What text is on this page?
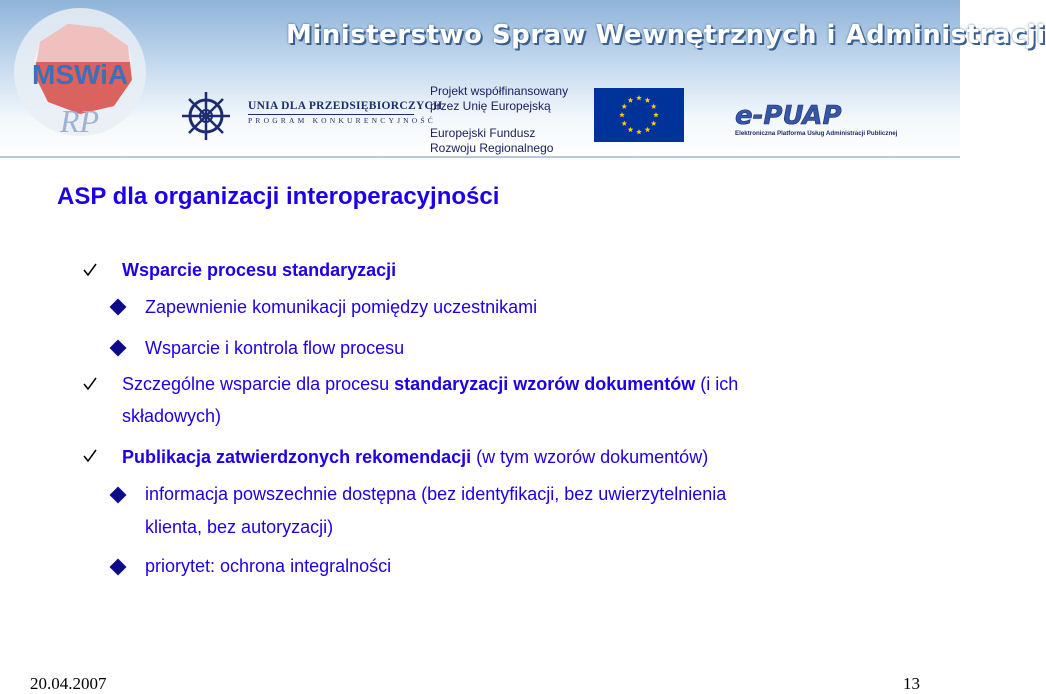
MSWiA
RP
Ministerstwo Spraw Wewnętrznych i Administracji
UNIA DLA PRZEDSIĘBIORCZYCH
PROGRAM KONKURENCYJNOŚĆ
Projekt współfinansowany
przez Unię Europejską
Europejski Fundusz
Rozwoju Regionalnego
e-PUAP
Elektroniczna Platforma Usług Administracji Publicznej
ASP dla organizacji interoperacyjności
Wsparcie procesu standaryzacji
Zapewnienie komunikacji pomiędzy uczestnikami
Wsparcie i kontrola flow procesu
Szczególne wsparcie dla procesu standaryzacji wzorów dokumentów (i ich
składowych)
Publikacja zatwierdzonych rekomendacji (w tym wzorów dokumentów)
informacja powszechnie dostępna (bez identyfikacji, bez uwierzytelnienia
klienta, bez autoryzacji)
priorytet: ochrona integralności
20.04.2007	13
